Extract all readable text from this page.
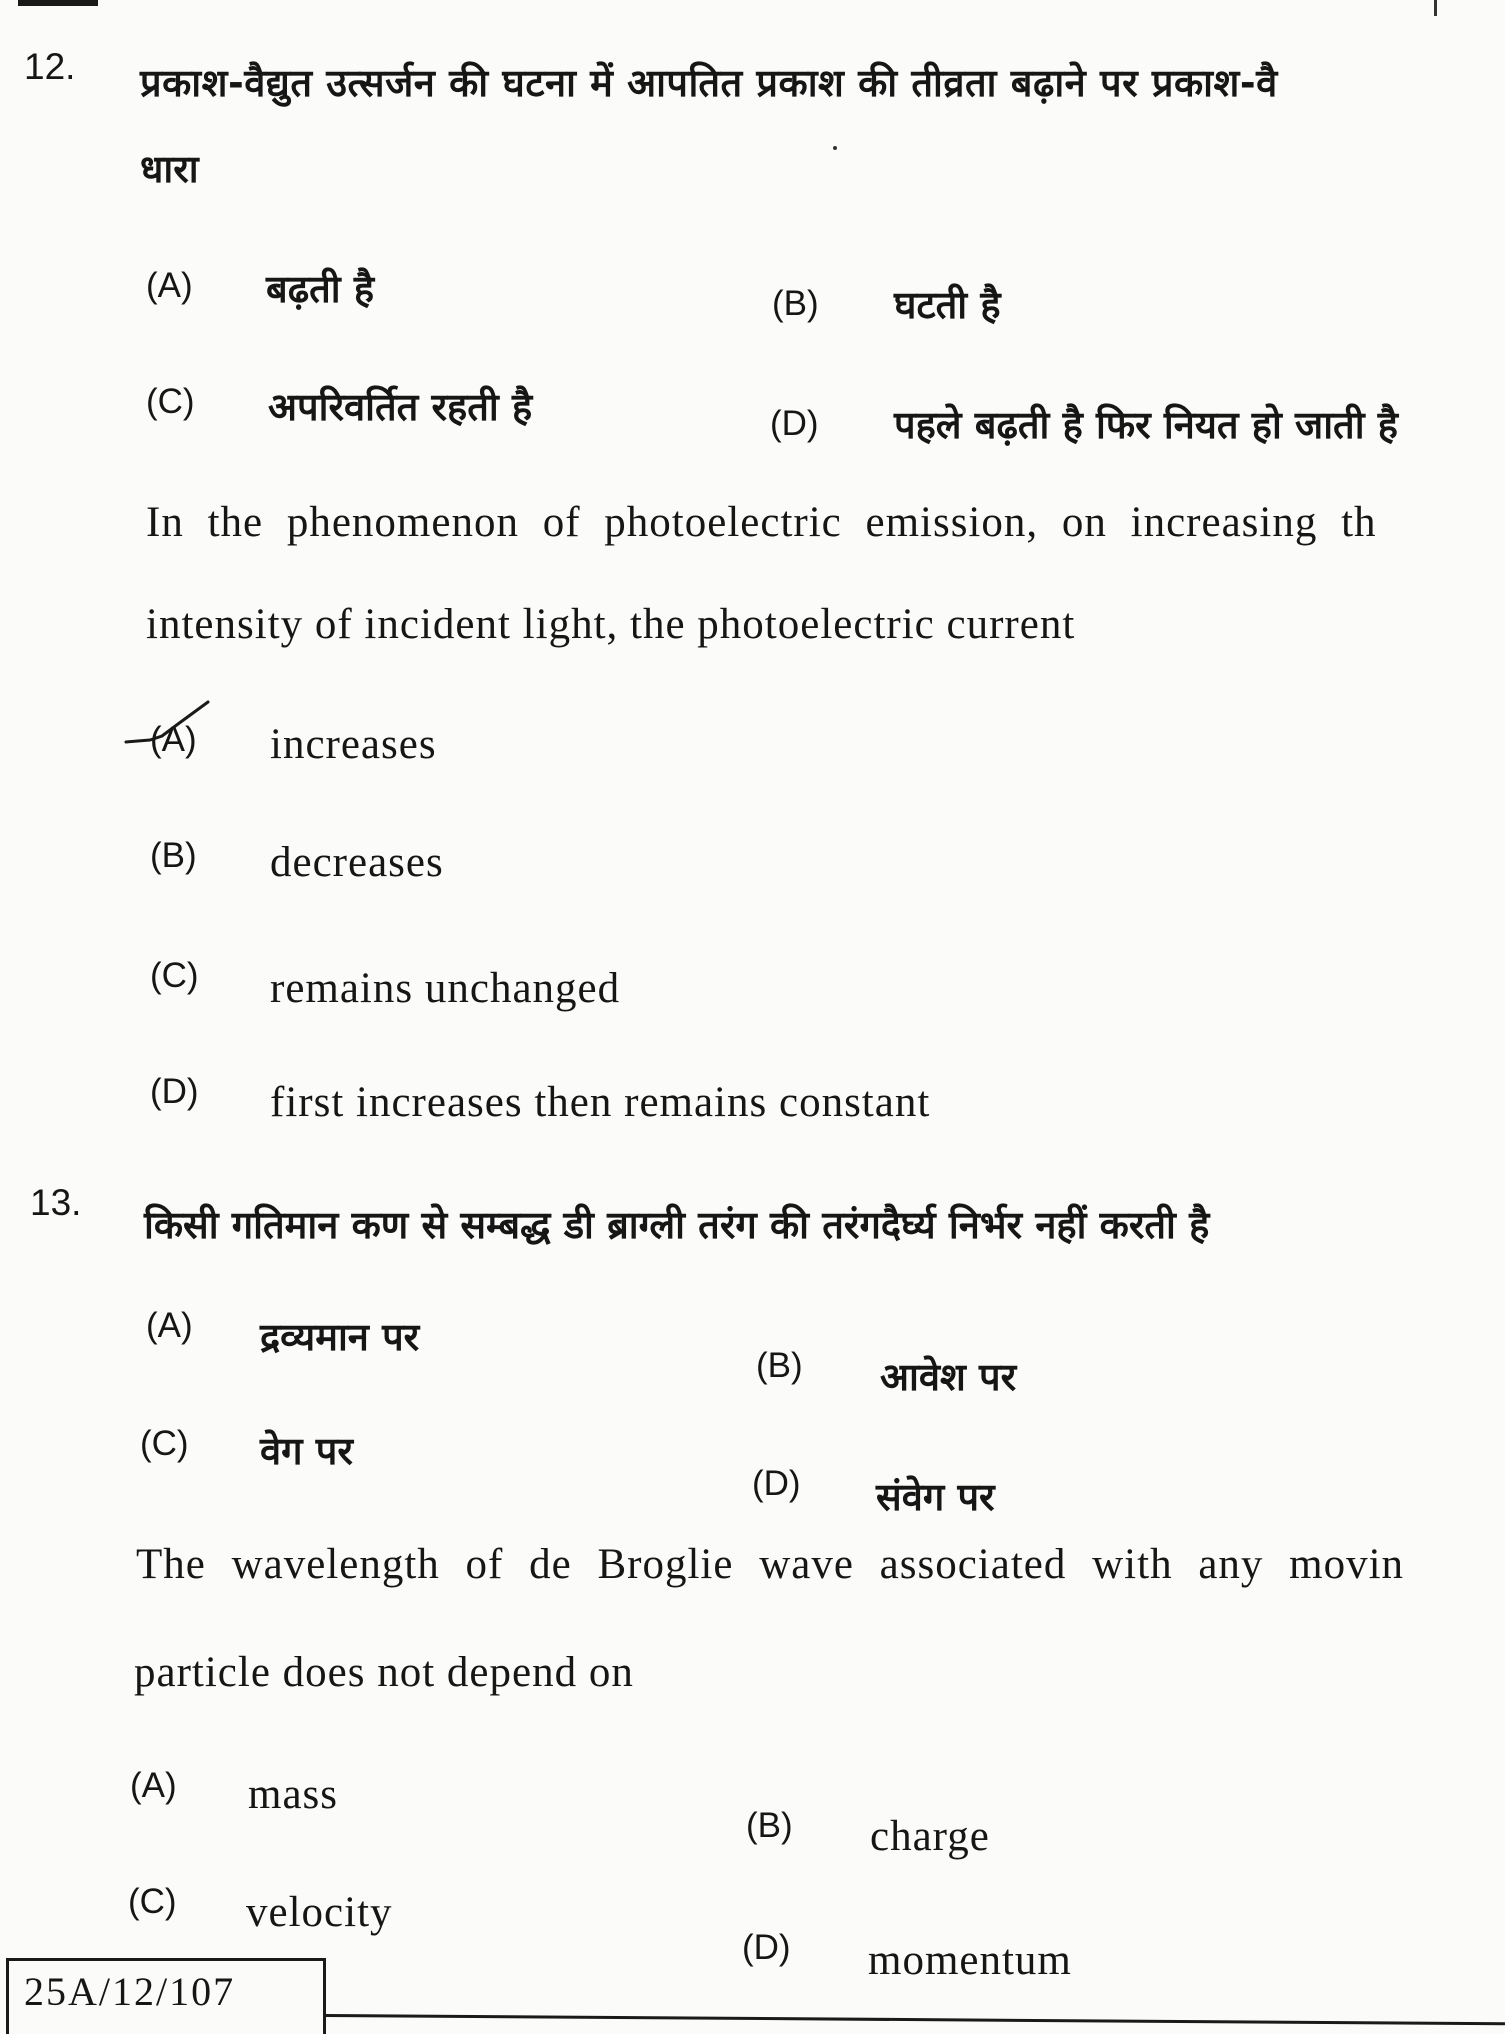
12. प्रकाश-वैद्युत उत्सर्जन की घटना में आपतित प्रकाश की तीव्रता बढ़ाने पर प्रकाश-वै
धारा
(A) बढ़ती है	(B) घटती है
(C) अपरिवर्तित रहती है	(D) पहले बढ़ती है फिर नियत हो जाती है
In the phenomenon of photoelectric emission, on increasing th
intensity of incident light, the photoelectric current
(A) increases
(B) decreases
(C) remains unchanged
(D) first increases then remains constant
13.
किसी गतिमान कण से सम्बद्ध डी ब्राग्ली तरंग की तरंगदैर्घ्य निर्भर नहीं करती है
(A) द्रव्यमान पर
(B) आवेश पर
(C) वेग पर
(D) संवेग पर
The wavelength of de Broglie wave associated with any movin
particle does not depend on
(A) mass
(B) charge
(C) velocity
(D) momentum
25A/12/107
